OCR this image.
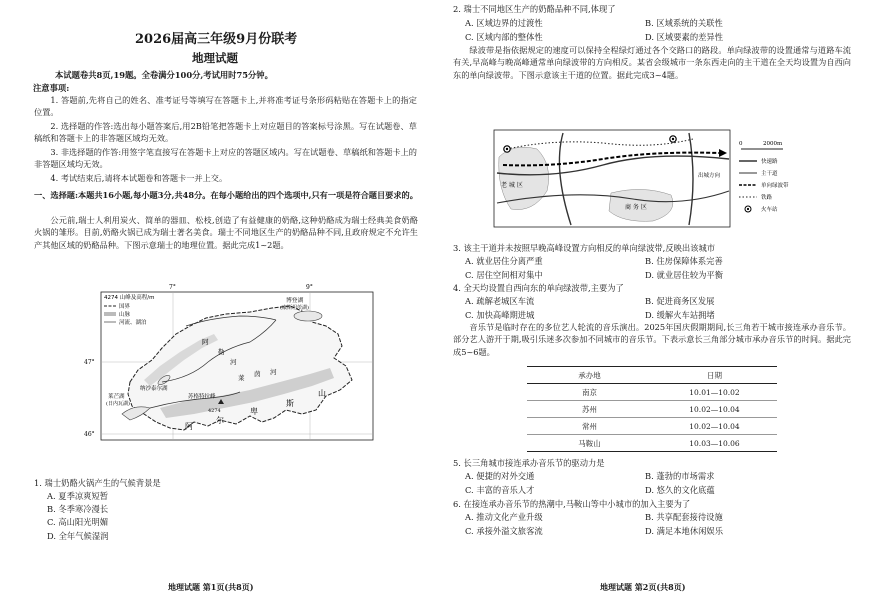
2026届高三年级9月份联考
地理试题
本试题卷共8页,19题。全卷满分100分,考试用时75分钟。
注意事项:
1. 答题前,先将自己的姓名、准考证号等填写在答题卡上,并将准考证号条形码粘贴在答题卡上的指定位置。
2. 选择题的作答:选出每小题答案后,用2B铅笔把答题卡上对应题目的答案标号涂黑。写在试题卷、草稿纸和答题卡上的非答题区域均无效。
3. 非选择题的作答:用签字笔直接写在答题卡上对应的答题区域内。写在试题卷、草稿纸和答题卡上的非答题区域均无效。
4. 考试结束后,请将本试题卷和答题卡一并上交。
一、选择题:本题共16小题,每小题3分,共48分。在每小题给出的四个选项中,只有一项是符合题目要求的。
公元前,瑞士人利用炭火、简单的器皿、松枝,创造了有益健康的奶酪,这种奶酪成为瑞士经典美食奶酪火锅的雏形。目前,奶酪火锅已成为瑞士著名美食。瑞士不同地区生产的奶酪品种不同,且政府规定不允许生产其他区域的奶酪品种。下图示意瑞士的地理位置。据此完成1~2题。
4274 山峰及高程/m
国界
山脉
河流、湖泊
7°	9°
47°
46°
博登湖
(康斯坦茨湖)
纳沙泰尔湖
莱芒湖
(日内瓦湖)
苏格特拉峰
4274
阿
尔
卑
斯
山
阿
勒
河
莱 茵 河
1. 瑞士奶酪火锅产生的气候背景是
A. 夏季凉爽短暂
B. 冬季寒冷漫长
C. 高山阳光明媚
D. 全年气候湿润
地理试题 第1页(共8页)
2. 瑞士不同地区生产的奶酪品种不同,体现了
A. 区域边界的过渡性	B. 区域系统的关联性
C. 区域内部的整体性	D. 区域要素的差异性
绿波带是指依据规定的速度可以保持全程绿灯通过各个交路口的路段。单向绿波带的设置通常与道路车流有关,早高峰与晚高峰通常单向绿波带的方向相反。某省会级城市一条东西走向的主干道在全天均设置为自西向东的单向绿波带。下图示意该主干道的位置。据此完成3~4题。
老 城 区
商 务 区
出城方向
0	2000m
快速路
主干道
单向绿波带
铁路
火车站
3. 该主干道并未按照早晚高峰设置方向相反的单向绿波带,反映出该城市
A. 就业居住分离严重	B. 住房保障体系完善
C. 居住空间相对集中	D. 就业居住较为平衡
4. 全天均设置自西向东的单向绿波带,主要为了
A. 疏解老城区车流	B. 促进商务区发展
C. 加快高峰期进城	D. 缓解火车站拥堵
音乐节是临时存在的多位艺人轮流的音乐演出。2025年国庆假期期间,长三角若干城市接连承办音乐节。部分艺人游开于期,吸引乐迷多次参加不同城市的音乐节。下表示意长三角部分城市承办音乐节的时间。据此完成5~6题。
承办地	日期
南京	10.01—10.02
苏州	10.02—10.04
常州	10.02—10.04
马鞍山	10.03—10.06
5. 长三角城市接连承办音乐节的驱动力是
A. 便捷的对外交通	B. 蓬勃的市场需求
C. 丰富的音乐人才	D. 悠久的文化底蕴
6. 在接连承办音乐节的热潮中,马鞍山等中小城市的加入主要为了
A. 推动文化产业升级	B. 共享配套接待设施
C. 承接外溢文旅客流	D. 满足本地休闲娱乐
地理试题 第2页(共8页)
